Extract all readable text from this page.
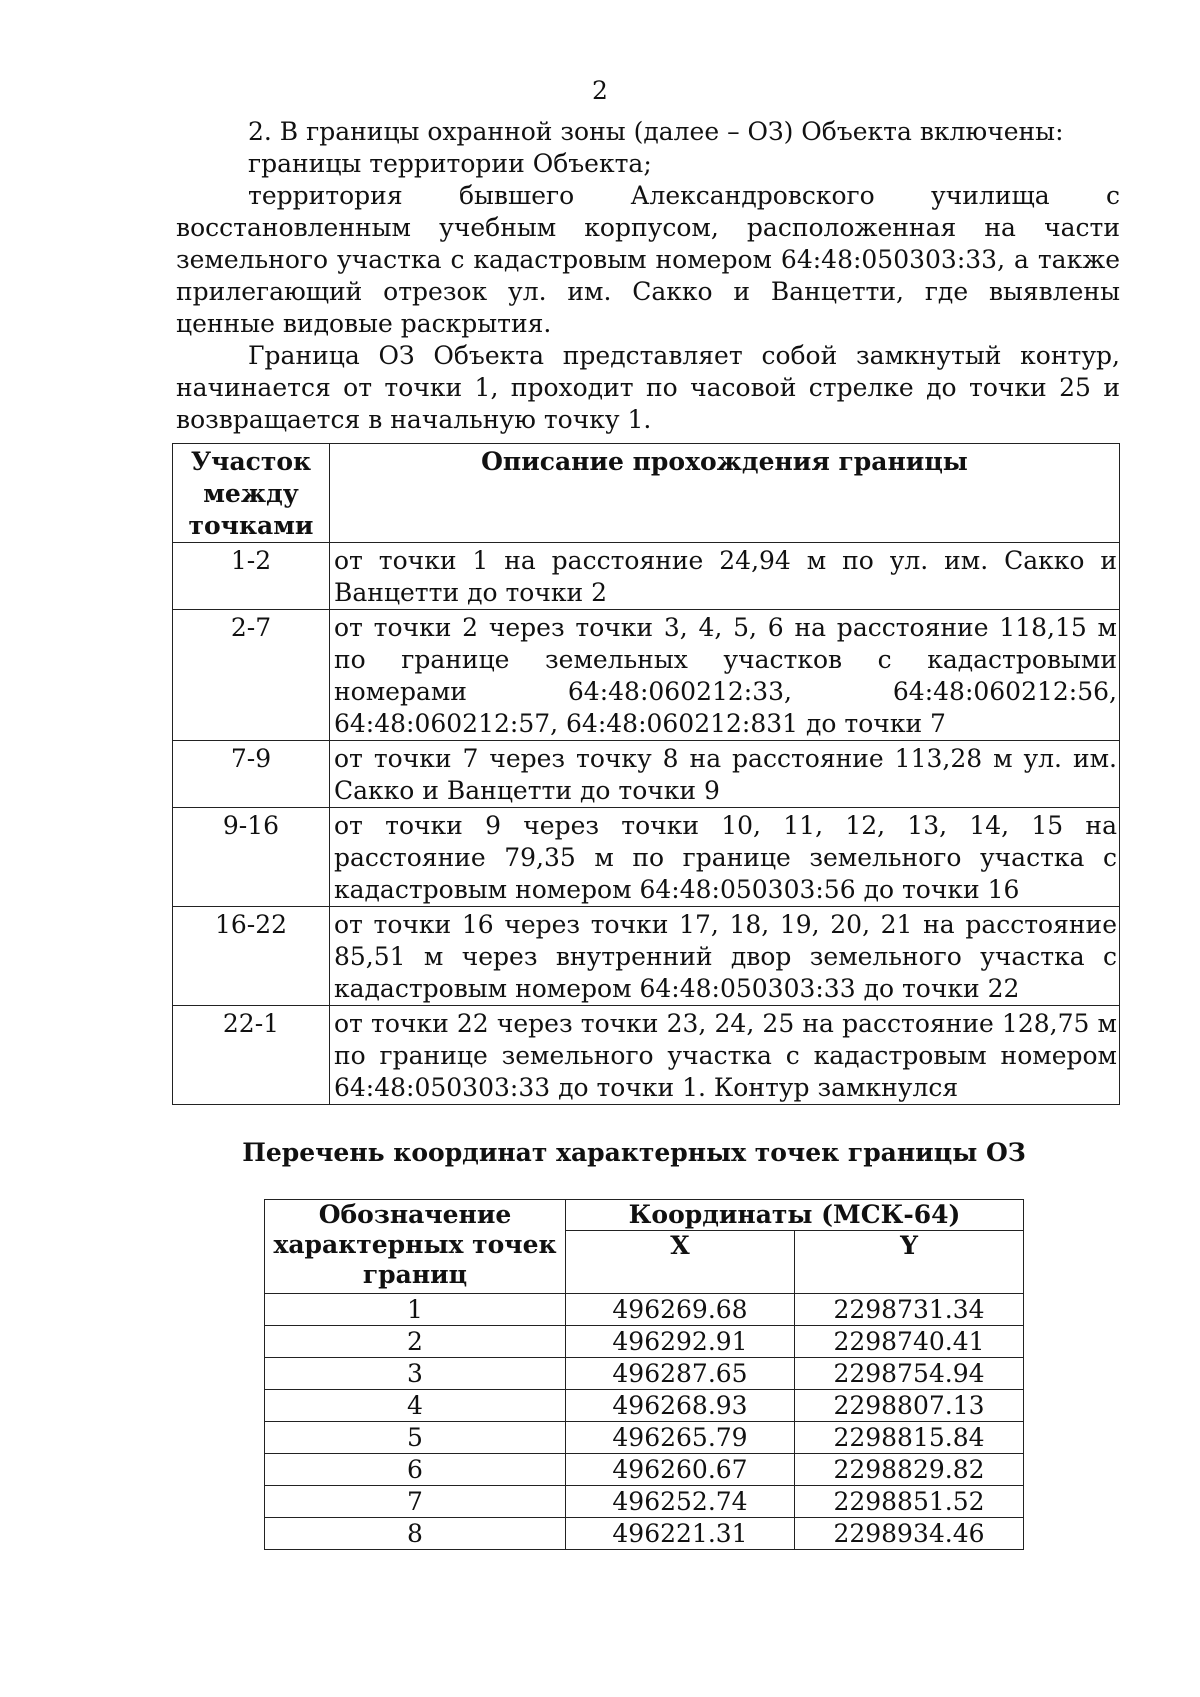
2

2. В границы охранной зоны (далее – ОЗ) Объекта включены:

границы территории Объекта;

территория бывшего Александровского училища с восстановленным учебным корпусом, расположенная на части земельного участка с кадастровым номером 64:48:050303:33, а также прилегающий отрезок ул. им. Сакко и Ванцетти, где выявлены ценные видовые раскрытия.

Граница ОЗ Объекта представляет собой замкнутый контур, начинается от точки 1, проходит по часовой стрелке до точки 25 и возвращается в начальную точку 1.

Участок между точками	Описание прохождения границы
1-2	от точки 1 на расстояние 24,94 м по ул. им. Сакко и Ванцетти до точки 2
2-7	от точки 2 через точки 3, 4, 5, 6 на расстояние 118,15 м по границе земельных участков с кадастровыми номерами 64:48:060212:33, 64:48:060212:56, 64:48:060212:57, 64:48:060212:831 до точки 7
7-9	от точки 7 через точку 8 на расстояние 113,28 м ул. им. Сакко и Ванцетти до точки 9
9-16	от точки 9 через точки 10, 11, 12, 13, 14, 15 на расстояние 79,35 м по границе земельного участка с кадастровым номером 64:48:050303:56 до точки 16
16-22	от точки 16 через точки 17, 18, 19, 20, 21 на расстояние 85,51 м через внутренний двор земельного участка с кадастровым номером 64:48:050303:33 до точки 22
22-1	от точки 22 через точки 23, 24, 25 на расстояние 128,75 м по границе земельного участка с кадастровым номером 64:48:050303:33 до точки 1. Контур замкнулся
Перечень координат характерных точек границы ОЗ
Обозначение характерных точек границ	Координаты (МСК-64)	
	X	Y
1	496269.68	2298731.34
2	496292.91	2298740.41
3	496287.65	2298754.94
4	496268.93	2298807.13
5	496265.79	2298815.84
6	496260.67	2298829.82
7	496252.74	2298851.52
8	496221.31	2298934.46
